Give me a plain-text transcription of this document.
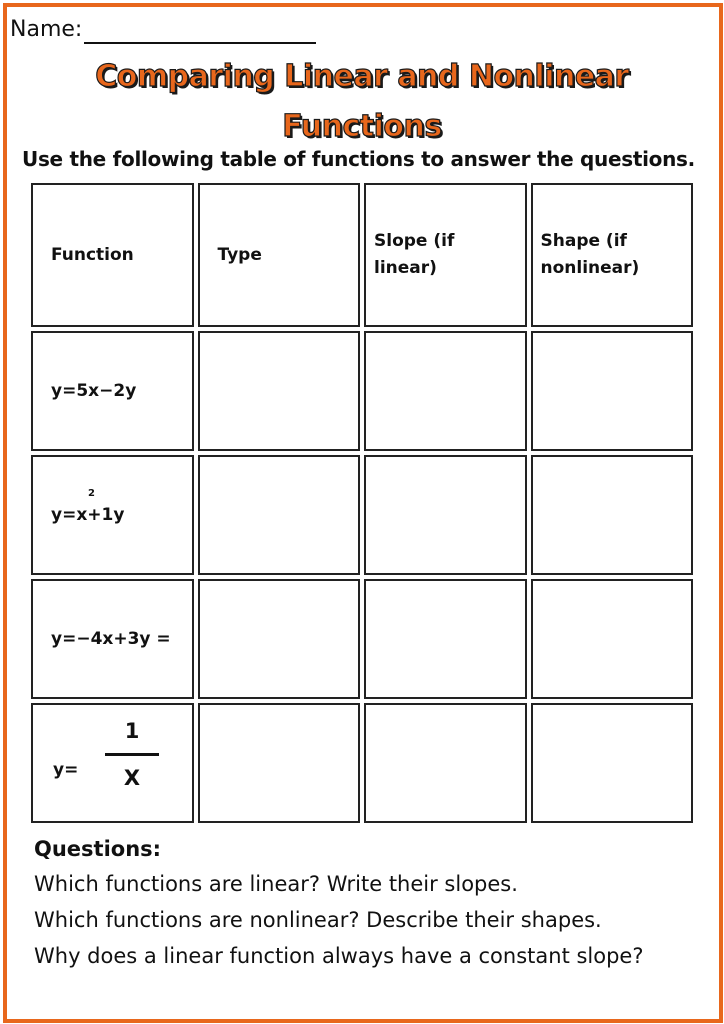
Name:
Comparing Linear and Nonlinear
Functions
Use the following table of functions to answer the questions.
Function	Type
Slope (if linear)
Shape (if nonlinear)
y=5x−2y
2
y=x+1y
y=−4x+3y =
$y= \frac{1}{X}$
Questions:
Which functions are linear? Write their slopes.
Which functions are nonlinear? Describe their shapes.
Why does a linear function always have a constant slope?
